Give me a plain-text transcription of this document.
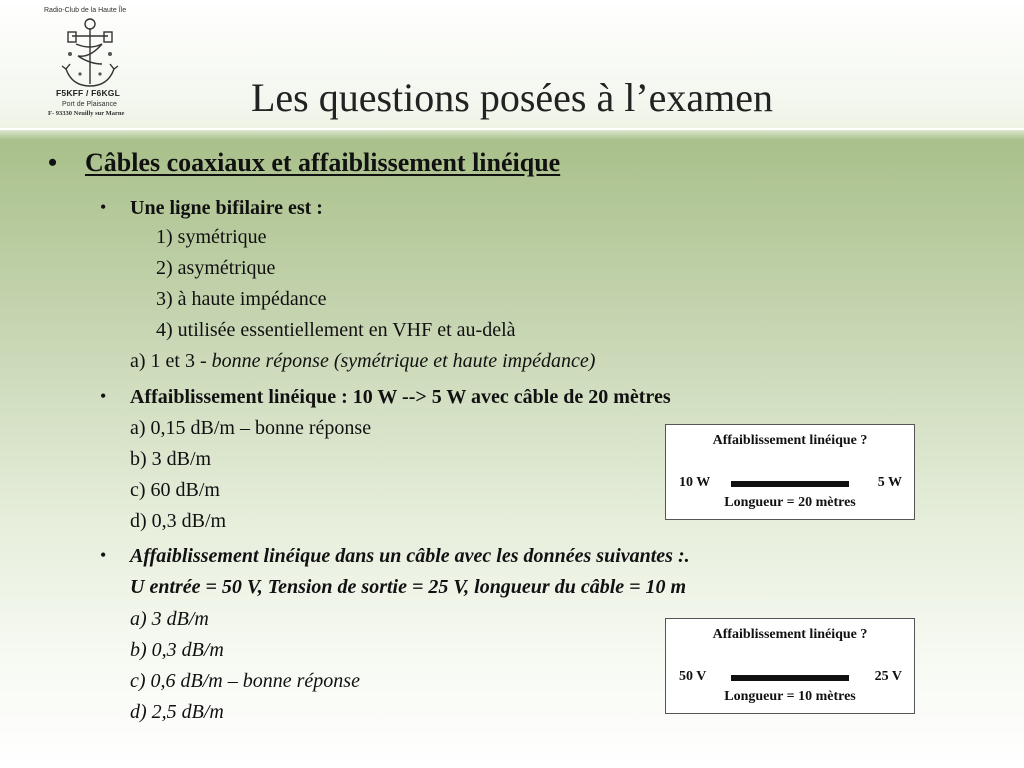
Radio-Club de la Haute Île
F5KFF / F6KGL
Port de Plaisance
F- 93330 Neuilly sur Marne	Les questions posées à l’examen
• Câbles coaxiaux et affaiblissement linéique
• Une ligne bifilaire est :
1) symétrique
2) asymétrique
3) à haute impédance
4) utilisée essentiellement en VHF et au-delà
a) 1 et 3 - bonne réponse (symétrique et haute impédance)
• Affaiblissement linéique : 10 W --> 5 W avec câble de 20 mètres
a) 0,15 dB/m – bonne réponse
b) 3 dB/m
c) 60 dB/m
d) 0,3 dB/m
• Affaiblissement linéique dans un câble avec les données suivantes :.
U entrée = 50 V, Tension de sortie = 25 V, longueur du câble = 10 m
a) 3 dB/m
b) 0,3 dB/m
c) 0,6 dB/m – bonne réponse
d) 2,5 dB/m
Affaiblissement linéique ?
10 W	5 W
Longueur = 20 mètres
Affaiblissement linéique ?
50 V	25 V
Longueur = 10 mètres
